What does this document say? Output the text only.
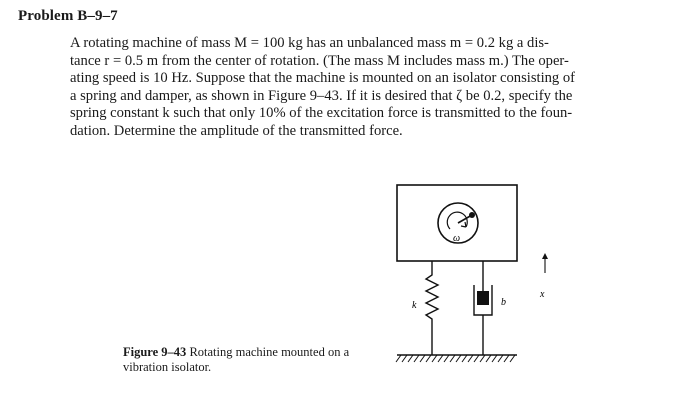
Problem B–9–7
A rotating machine of mass M = 100 kg has an unbalanced mass m = 0.2 kg a dis-
tance r = 0.5 m from the center of rotation. (The mass M includes mass m.) The oper-
ating speed is 10 Hz. Suppose that the machine is mounted on an isolator consisting of
a spring and damper, as shown in Figure 9–43. If it is desired that ζ be 0.2, specify the
spring constant k such that only 10% of the excitation force is transmitted to the foun-
dation. Determine the amplitude of the transmitted force.
ω
k	b
x
Figure 9–43 Rotating machine mounted on a vibration isolator.
